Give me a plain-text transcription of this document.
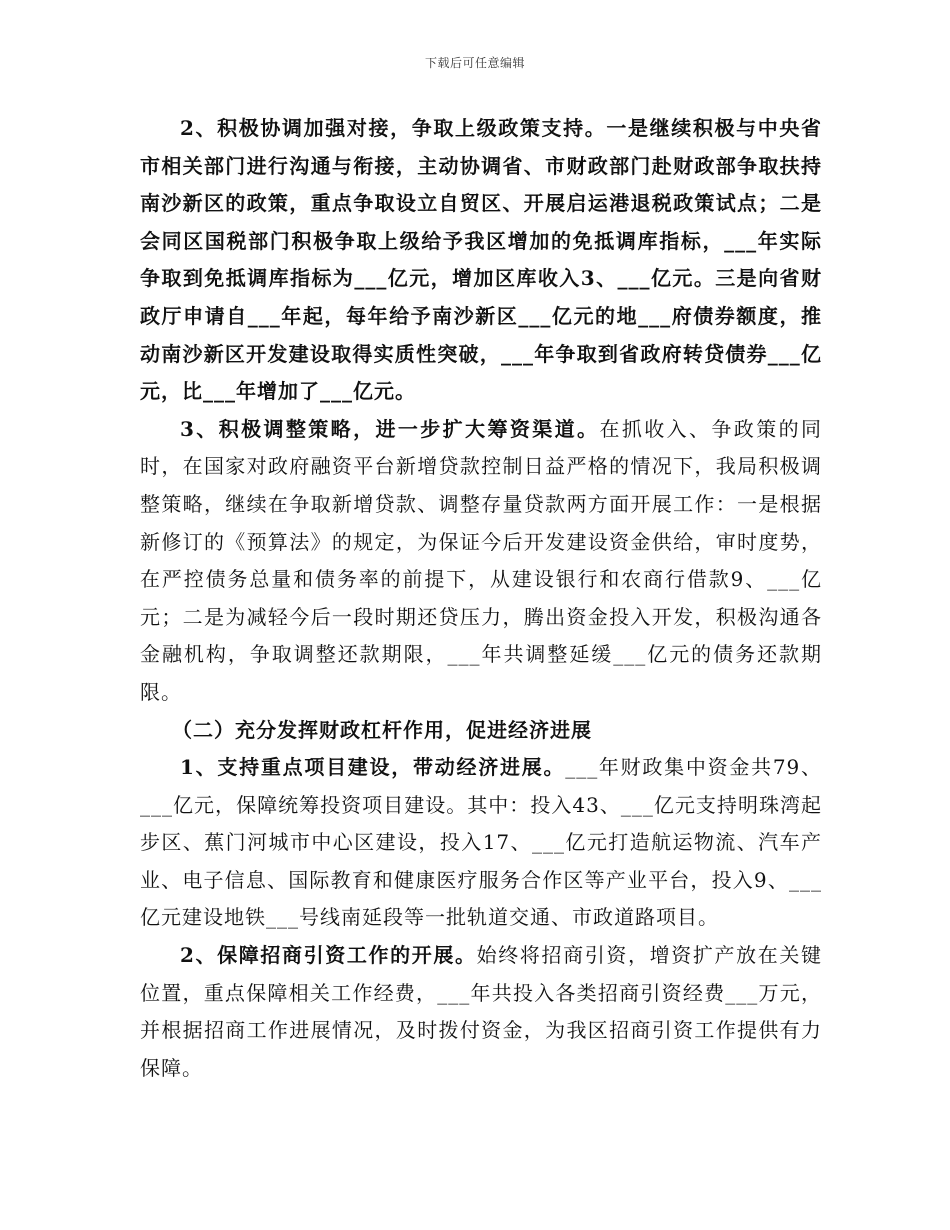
下载后可任意编辑

2、积极协调加强对接，争取上级政策支持。一是继续积极与中央省市相关部门进行沟通与衔接，主动协调省、市财政部门赴财政部争取扶持南沙新区的政策，重点争取设立自贸区、开展启运港退税政策试点；二是会同区国税部门积极争取上级给予我区增加的免抵调库指标，___年实际争取到免抵调库指标为___亿元，增加区库收入3、___亿元。三是向省财政厅申请自___年起，每年给予南沙新区___亿元的地___府债券额度，推动南沙新区开发建设取得实质性突破，___年争取到省政府转贷债券___亿元，比___年增加了___亿元。

3、积极调整策略，进一步扩大筹资渠道。在抓收入、争政策的同时，在国家对政府融资平台新增贷款控制日益严格的情况下，我局积极调整策略，继续在争取新增贷款、调整存量贷款两方面开展工作：一是根据新修订的《预算法》的规定，为保证今后开发建设资金供给，审时度势，在严控债务总量和债务率的前提下，从建设银行和农商行借款9、___亿元；二是为减轻今后一段时期还贷压力，腾出资金投入开发，积极沟通各金融机构，争取调整还款期限，___年共调整延缓___亿元的债务还款期限。

（二）充分发挥财政杠杆作用，促进经济进展

1、支持重点项目建设，带动经济进展。___年财政集中资金共79、___亿元，保障统筹投资项目建设。其中：投入43、___亿元支持明珠湾起步区、蕉门河城市中心区建设，投入17、___亿元打造航运物流、汽车产业、电子信息、国际教育和健康医疗服务合作区等产业平台，投入9、___亿元建设地铁___号线南延段等一批轨道交通、市政道路项目。

2、保障招商引资工作的开展。始终将招商引资，增资扩产放在关键位置，重点保障相关工作经费，___年共投入各类招商引资经费___万元，并根据招商工作进展情况，及时拨付资金，为我区招商引资工作提供有力保障。
